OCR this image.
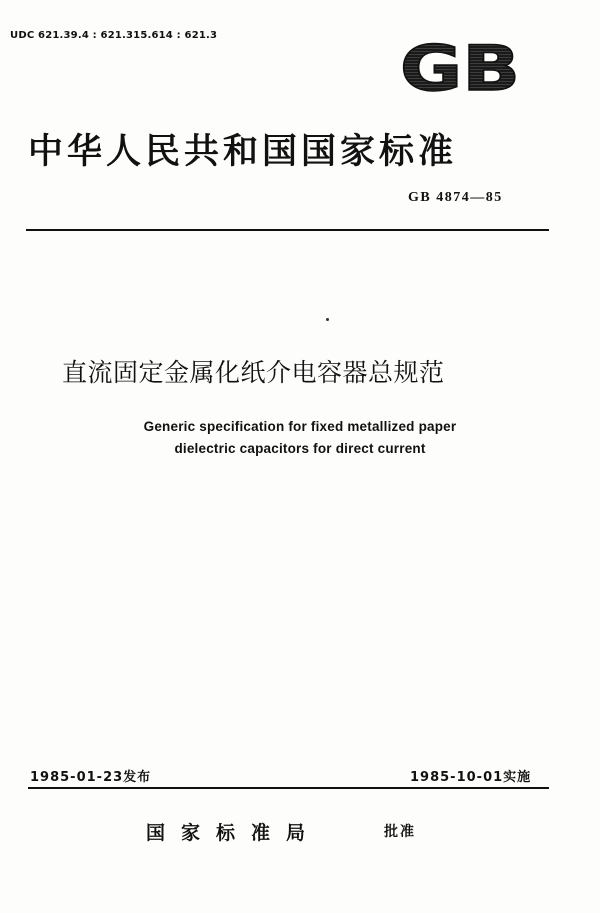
UDC 621.39.4 : 621.315.614 : 621.3	GB
中华人民共和国国家标准
GB 4874—85
直流固定金属化纸介电容器总规范
Generic specification for fixed metallized paper
dielectric capacitors for direct current
1985-01-23发布	1985-10-01实施
国家标准局	批准
